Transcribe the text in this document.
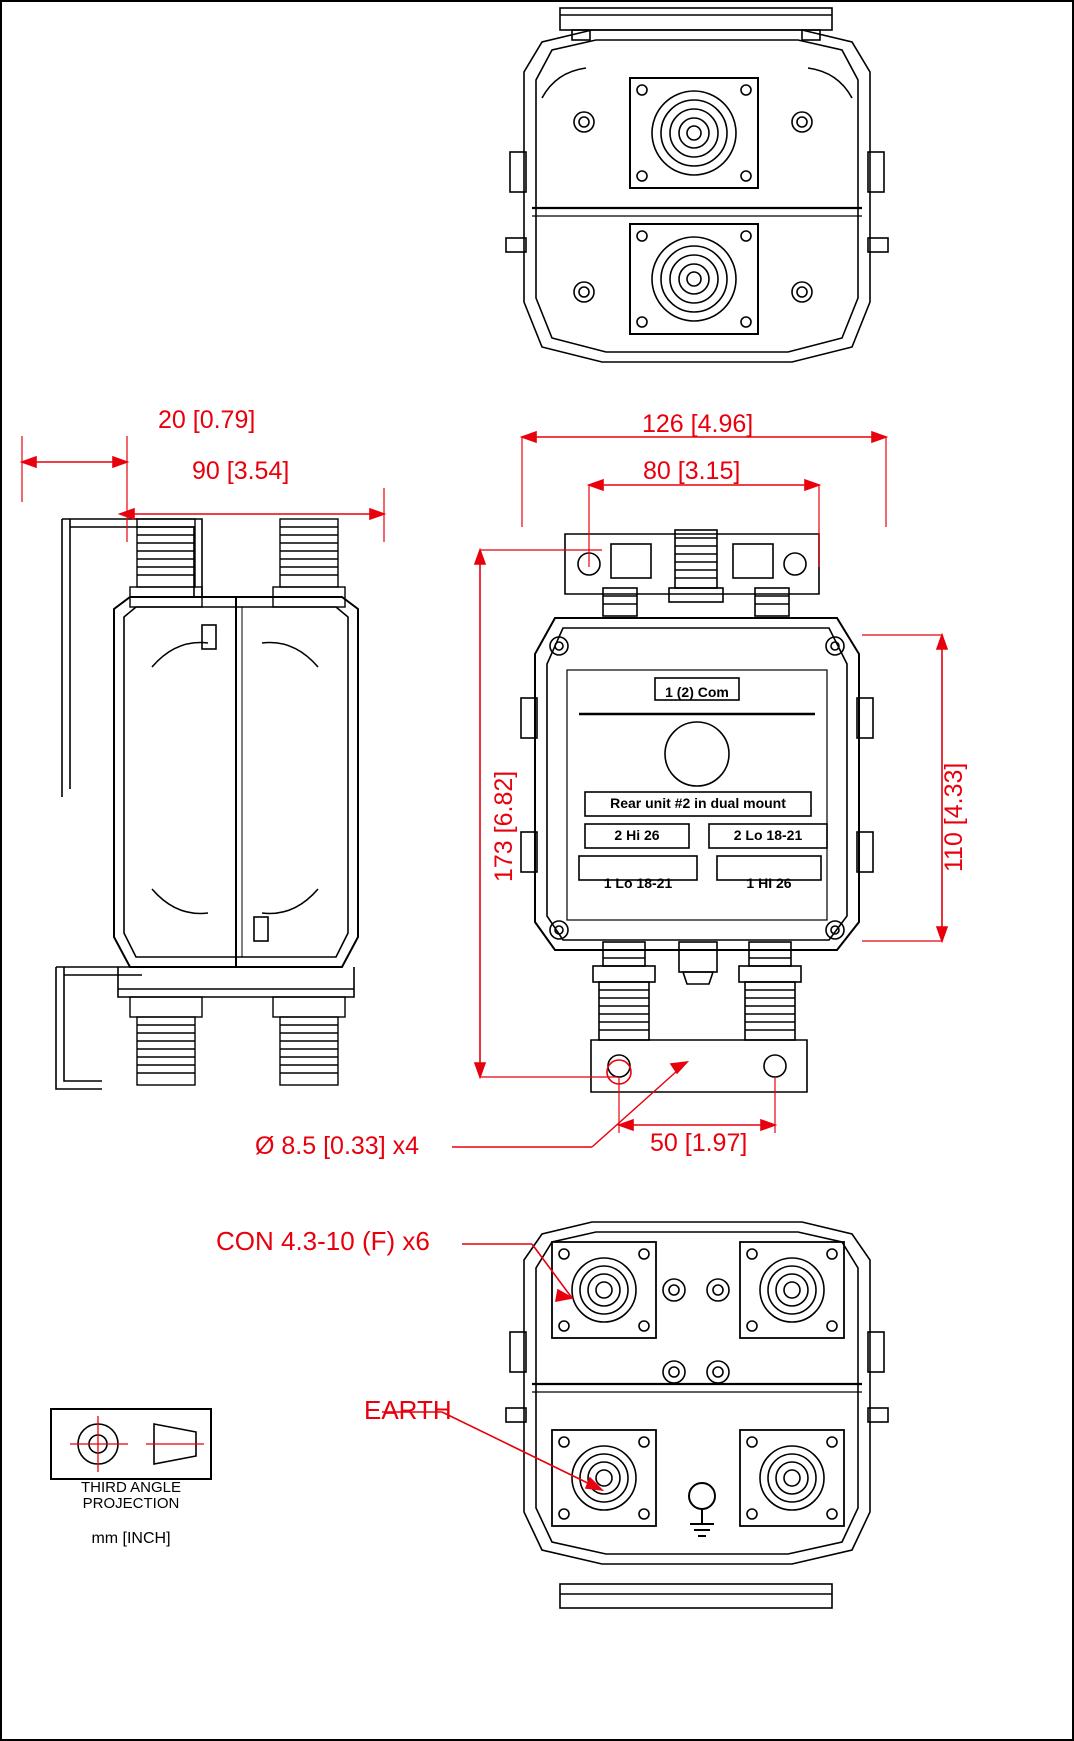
20 [0.79]
90 [3.54]
1 (2) Com
Rear unit #2 in dual mount
2 Hi 26	2 Lo 18-21
1 Lo 18-21	1 HI 26
126 [4.96]
80 [3.15]
173 [6.82]	110 [4.33]
50 [1.97]
Ø 8.5 [0.33] x4
CON 4.3-10 (F) x6
EARTH
THIRD ANGLE
PROJECTION
mm [INCH]
